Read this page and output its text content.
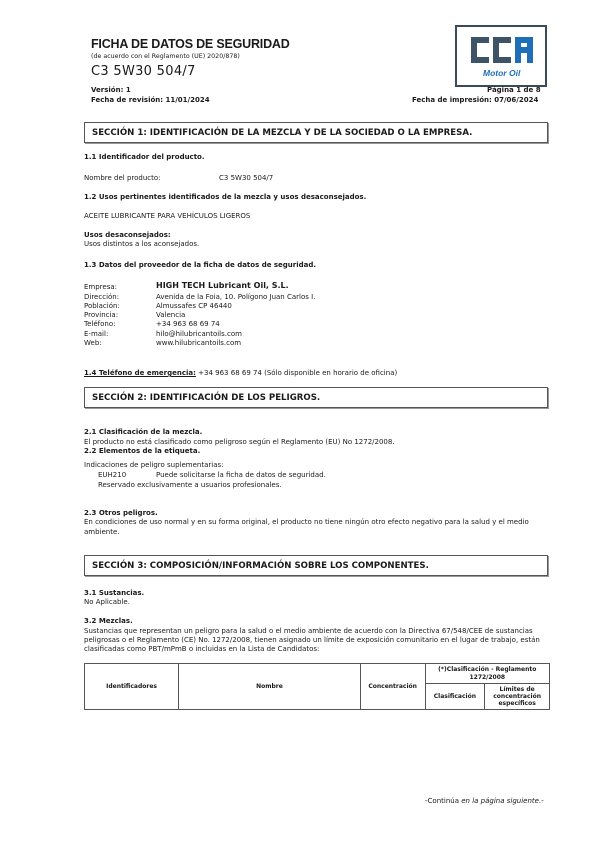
FICHA DE DATOS DE SEGURIDAD
(de acuerdo con el Reglamento (UE) 2020/878)
C3 5W30 504/7	Motor Oil
Versión: 1
Fecha de revisión: 11/01/2024
Página 1 de 8
Fecha de impresión: 07/06/2024
SECCIÓN 1: IDENTIFICACIÓN DE LA MEZCLA Y DE LA SOCIEDAD O LA EMPRESA.
1.1 Identificador del producto.
Nombre del producto:	C3 5W30 504/7
1.2 Usos pertinentes identificados de la mezcla y usos desaconsejados.
ACEITE LUBRICANTE PARA VEHÍCULOS LIGEROS
Usos desaconsejados:
Usos distintos a los aconsejados.
1.3 Datos del proveedor de la ficha de datos de seguridad.
Empresa:	HIGH TECH Lubricant Oil, S.L.
Dirección:	Avenida de la Foia, 10. Polígono Juan Carlos I.
Población:	Almussafes CP 46440
Provincia:	Valencia
Teléfono:	+34 963 68 69 74
E-mail:	hilo@hilubricantoils.com
Web:	www.hilubricantoils.com
1.4 Teléfono de emergencia: +34 963 68 69 74 (Sólo disponible en horario de oficina)
SECCIÓN 2: IDENTIFICACIÓN DE LOS PELIGROS.
2.1 Clasificación de la mezcla.
El producto no está clasificado como peligroso según el Reglamento (EU) No 1272/2008.
2.2 Elementos de la etiqueta.
Indicaciones de peligro suplementarias:
EUH210	Puede solicitarse la ficha de datos de seguridad.
Reservado exclusivamente a usuarios profesionales.
2.3 Otros peligros.
En condiciones de uso normal y en su forma original, el producto no tiene ningún otro efecto negativo para la salud y el medio
ambiente.
SECCIÓN 3: COMPOSICIÓN/INFORMACIÓN SOBRE LOS COMPONENTES.
3.1 Sustancias.
No Aplicable.
3.2 Mezclas.
Sustancias que representan un peligro para la salud o el medio ambiente de acuerdo con la Directiva 67/548/CEE de sustancias
peligrosas o el Reglamento (CE) No. 1272/2008, tienen asignado un límite de exposición comunitario en el lugar de trabajo, están
clasificadas como PBT/mPmB o incluidas en la Lista de Candidatos:
Identificadores	Nombre	Concentración	(*)Clasificación - Reglamento 1272/2008	
			Clasificación	Límites de concentración específicos
-Continúa en la página siguiente.-
